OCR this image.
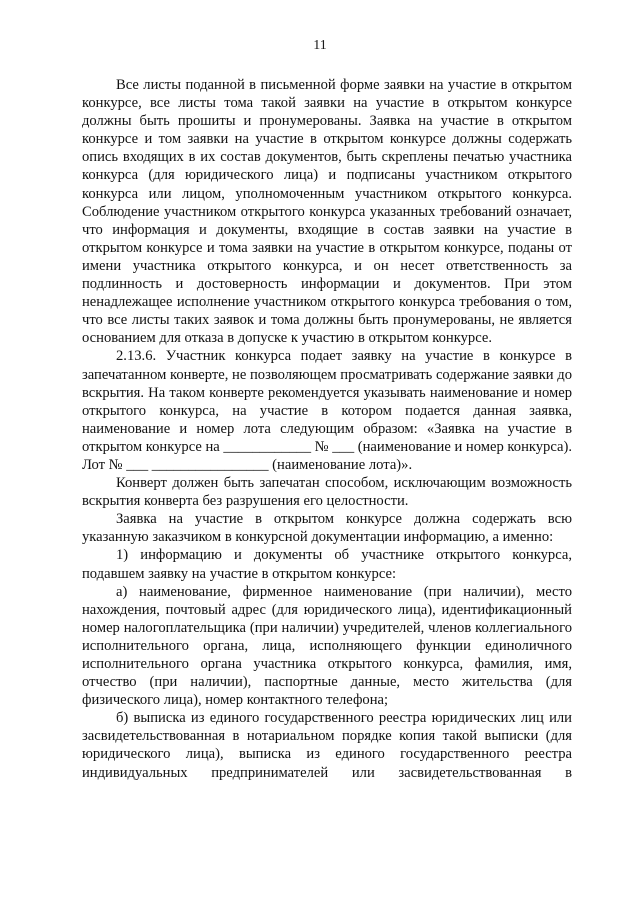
11

Все листы поданной в письменной форме заявки на участие в открытом конкурсе, все листы тома такой заявки на участие в открытом конкурсе должны быть прошиты и пронумерованы. Заявка на участие в открытом конкурсе и том заявки на участие в открытом конкурсе должны содержать опись входящих в их состав документов, быть скреплены печатью участника конкурса (для юридического лица) и подписаны участником открытого конкурса или лицом, уполномоченным участником открытого конкурса. Соблюдение участником открытого конкурса указанных требований означает, что информация и документы, входящие в состав заявки на участие в открытом конкурсе и тома заявки на участие в открытом конкурсе, поданы от имени участника открытого конкурса, и он несет ответственность за подлинность и достоверность информации и документов. При этом ненадлежащее исполнение участником открытого конкурса требования о том, что все листы таких заявок и тома должны быть пронумерованы, не является основанием для отказа в допуске к участию в открытом конкурсе.

2.13.6. Участник конкурса подает заявку на участие в конкурсе в запечатанном конверте, не позволяющем просматривать содержание заявки до вскрытия. На таком конверте рекомендуется указывать наименование и номер открытого конкурса, на участие в котором подается данная заявка, наименование и номер лота следующим образом: «Заявка на участие в открытом конкурсе на ____________ № ___ (наименование и номер конкурса). Лот № ___ ________________ (наименование лота)».

Конверт должен быть запечатан способом, исключающим возможность вскрытия конверта без разрушения его целостности.

Заявка на участие в открытом конкурсе должна содержать всю указанную заказчиком в конкурсной документации информацию, а именно:

1) информацию и документы об участнике открытого конкурса, подавшем заявку на участие в открытом конкурсе:

а) наименование, фирменное наименование (при наличии), место нахождения, почтовый адрес (для юридического лица), идентификационный номер налогоплательщика (при наличии) учредителей, членов коллегиального исполнительного органа, лица, исполняющего функции единоличного исполнительного органа участника открытого конкурса, фамилия, имя, отчество (при наличии), паспортные данные, место жительства (для физического лица), номер контактного телефона;

б) выписка из единого государственного реестра юридических лиц или засвидетельствованная в нотариальном порядке копия такой выписки (для юридического лица), выписка из единого государственного реестра индивидуальных предпринимателей или засвидетельствованная в
